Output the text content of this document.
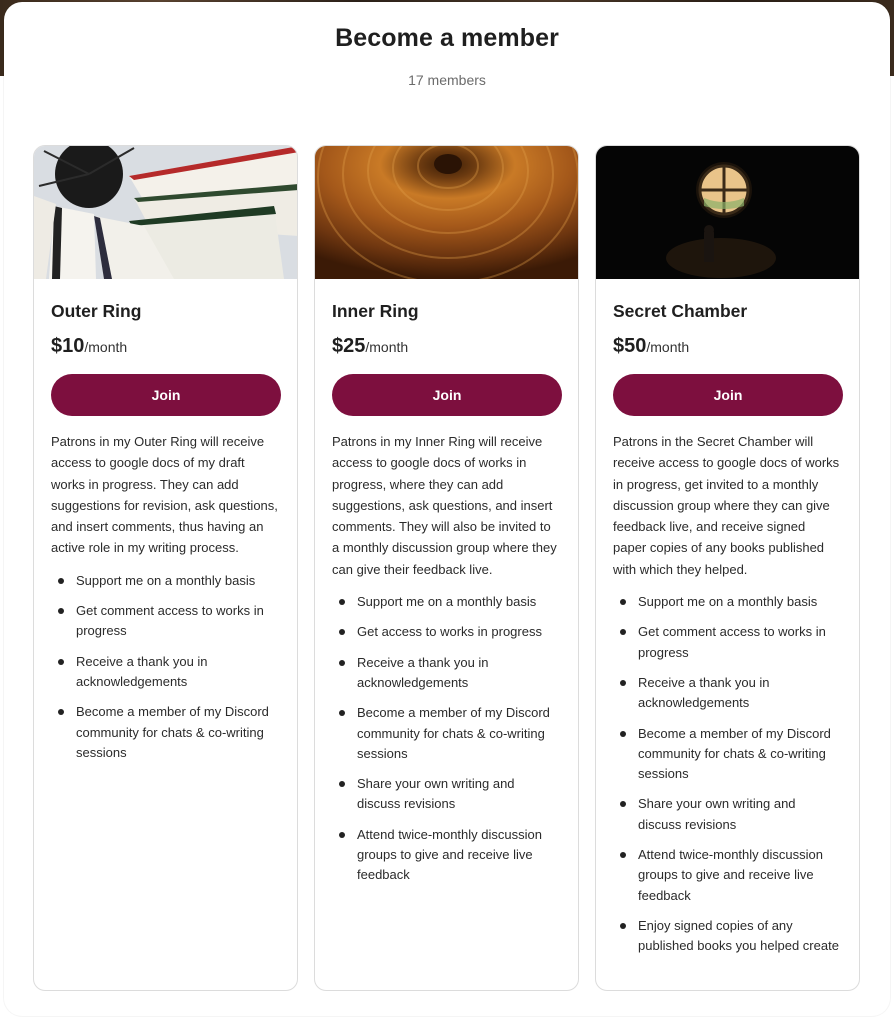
Become a member
17 members
Outer Ring
$10/month
Join
Patrons in my Outer Ring will receive access to google docs of my draft works in progress. They can add suggestions for revision, ask questions, and insert comments, thus having an active role in my writing process.
Support me on a monthly basis
Get comment access to works in progress
Receive a thank you in acknowledgements
Become a member of my Discord community for chats & co-writing sessions
Inner Ring
$25/month
Join
Patrons in my Inner Ring will receive access to google docs of works in progress, where they can add suggestions, ask questions, and insert comments. They will also be invited to a monthly discussion group where they can give their feedback live.
Support me on a monthly basis
Get access to works in progress
Receive a thank you in acknowledgements
Become a member of my Discord community for chats & co-writing sessions
Share your own writing and discuss revisions
Attend twice-monthly discussion groups to give and receive live feedback
Secret Chamber
$50/month
Join
Patrons in the Secret Chamber will receive access to google docs of works in progress, get invited to a monthly discussion group where they can give feedback live, and receive signed paper copies of any books published with which they helped.
Support me on a monthly basis
Get comment access to works in progress
Receive a thank you in acknowledgements
Become a member of my Discord community for chats & co-writing sessions
Share your own writing and discuss revisions
Attend twice-monthly discussion groups to give and receive live feedback
Enjoy signed copies of any published books you helped create
